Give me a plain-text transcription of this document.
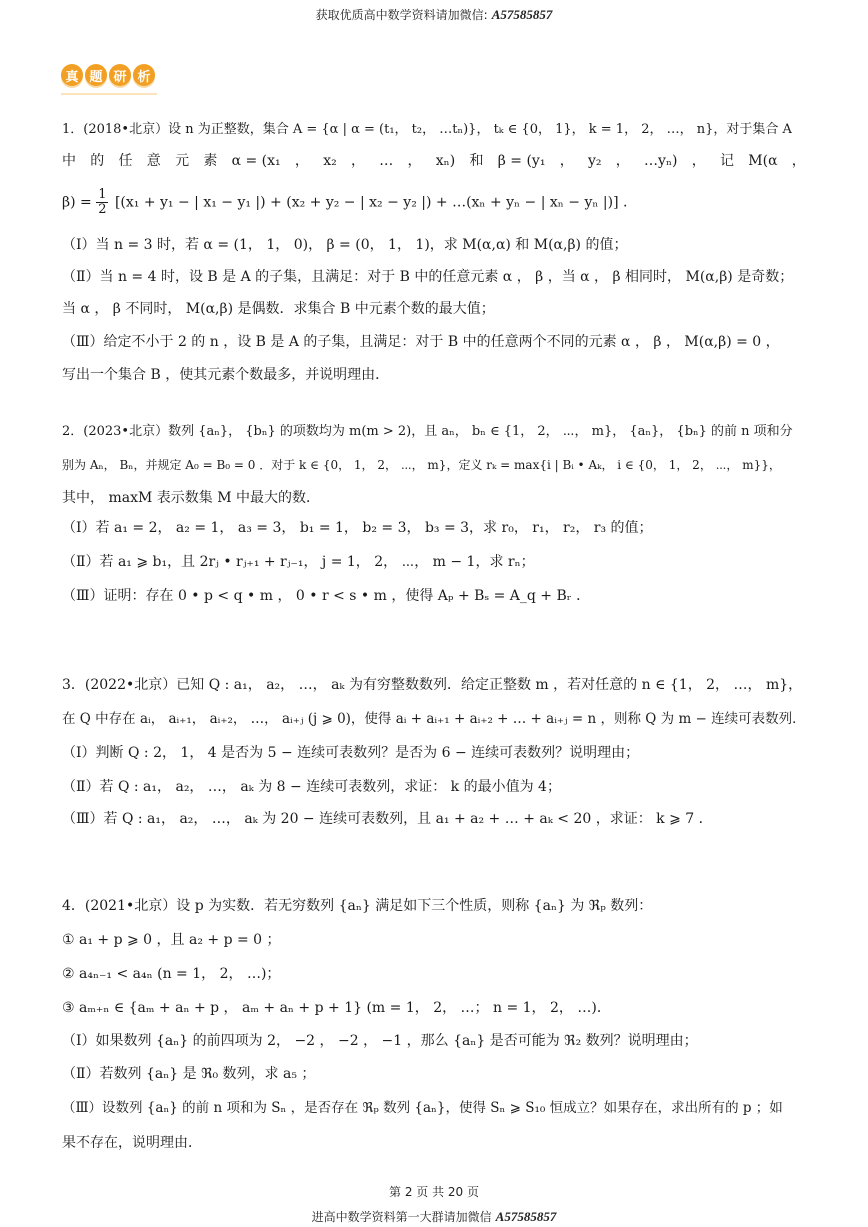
获取优质高中数学资料请加微信: A57585857
真 题 研 析
1．(2018•北京）设 n 为正整数，集合 A = {α | α = (t₁， t₂， …tₙ)}， tₖ ∈ {0， 1}， k = 1， 2， …， n}，对于集合 A
中 的 任 意 元 素 α = (x₁ ， x₂ ， … ， xₙ) 和 β = (y₁ ， y₂ ， …yₙ) ， 记 M(α ，
$\beta) = \frac{1}{2} [(x_1 + y_1$ − | x₁ − y₁ |) + (x₂ + y₂ − | x₂ − y₂ |) + …(xₙ + yₙ − | xₙ − yₙ |)] .
（Ⅰ）当 n = 3 时，若 α = (1， 1， 0)， β = (0， 1， 1)，求 M(α,α) 和 M(α,β) 的值；
（Ⅱ）当 n = 4 时，设 B 是 A 的子集，且满足：对于 B 中的任意元素 α ， β ，当 α ， β 相同时， M(α,β) 是奇数；
当 α ， β 不同时， M(α,β) 是偶数．求集合 B 中元素个数的最大值；
（Ⅲ）给定不小于 2 的 n ，设 B 是 A 的子集，且满足：对于 B 中的任意两个不同的元素 α ， β ， M(α,β) = 0 ，
写出一个集合 B ，使其元素个数最多，并说明理由．
2．(2023•北京）数列 {aₙ}， {bₙ} 的项数均为 m(m > 2)，且 aₙ， bₙ ∈ {1， 2， ⋯， m}， {aₙ}， {bₙ} 的前 n 项和分
别为 Aₙ， Bₙ，并规定 A₀ = B₀ = 0 ．对于 k ∈ {0， 1， 2， ⋯， m}，定义 rₖ = max{i | Bᵢ • Aₖ， i ∈ {0， 1， 2， ⋯， m}}，
其中， maxM 表示数集 M 中最大的数．
（Ⅰ）若 a₁ = 2， a₂ = 1， a₃ = 3， b₁ = 1， b₂ = 3， b₃ = 3，求 r₀， r₁， r₂， r₃ 的值；
（Ⅱ）若 a₁ ⩾ b₁，且 2rⱼ • rⱼ₊₁ + rⱼ₋₁， j = 1， 2， ⋯， m − 1，求 rₙ；
（Ⅲ）证明：存在 0 • p < q • m ， 0 • r < s • m ，使得 Aₚ + Bₛ = A_q + Bᵣ ．
3．(2022•北京）已知 Q : a₁， a₂， …， aₖ 为有穷整数数列．给定正整数 m ，若对任意的 n ∈ {1， 2， …， m}，
在 Q 中存在 aᵢ， aᵢ₊₁， aᵢ₊₂， …， aᵢ₊ⱼ (j ⩾ 0)，使得 aᵢ + aᵢ₊₁ + aᵢ₊₂ + … + aᵢ₊ⱼ = n ，则称 Q 为 m − 连续可表数列．
（Ⅰ）判断 Q : 2， 1， 4 是否为 5 − 连续可表数列？是否为 6 − 连续可表数列？说明理由；
（Ⅱ）若 Q : a₁， a₂， …， aₖ 为 8 − 连续可表数列，求证： k 的最小值为 4；
（Ⅲ）若 Q : a₁， a₂， …， aₖ 为 20 − 连续可表数列，且 a₁ + a₂ + … + aₖ < 20 ，求证： k ⩾ 7 ．
4．(2021•北京）设 p 为实数．若无穷数列 {aₙ} 满足如下三个性质，则称 {aₙ} 为 ℜₚ 数列：
① a₁ + p ⩾ 0 ，且 a₂ + p = 0 ；
② a₄ₙ₋₁ < a₄ₙ (n = 1， 2， …)；
③ aₘ₊ₙ ∈ {aₘ + aₙ + p ， aₘ + aₙ + p + 1} (m = 1， 2， …； n = 1， 2， …)．
（Ⅰ）如果数列 {aₙ} 的前四项为 2， −2 ， −2 ， −1 ，那么 {aₙ} 是否可能为 ℜ₂ 数列？说明理由；
（Ⅱ）若数列 {aₙ} 是 ℜ₀ 数列，求 a₅ ；
（Ⅲ）设数列 {aₙ} 的前 n 项和为 Sₙ ，是否存在 ℜₚ 数列 {aₙ}，使得 Sₙ ⩾ S₁₀ 恒成立？如果存在，求出所有的 p ；如
果不存在，说明理由．
第 2 页 共 20 页
进高中数学资料第一大群请加微信 A57585857
